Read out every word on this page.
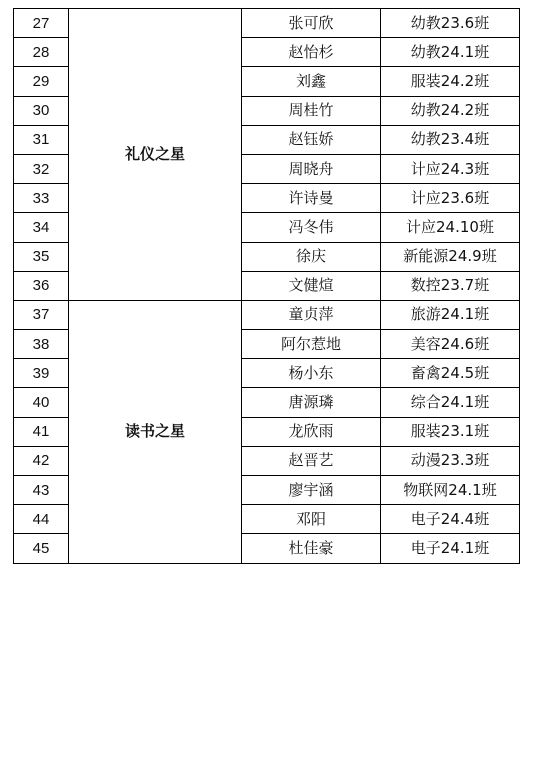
27	礼仪之星	张可欣	幼教23.6班
28		赵怡杉	幼教24.1班
29		刘鑫	服装24.2班
30		周桂竹	幼教24.2班
31		赵钰娇	幼教23.4班
32		周晓舟	计应24.3班
33		许诗曼	计应23.6班
34		冯冬伟	计应24.10班
35		徐庆	新能源24.9班
36		文健煊	数控23.7班
37	读书之星	童贞萍	旅游24.1班
38		阿尔惹地	美容24.6班
39		杨小东	畜禽24.5班
40		唐源璘	综合24.1班
41		龙欣雨	服装23.1班
42		赵晋艺	动漫23.3班
43		廖宇涵	物联网24.1班
44		邓阳	电子24.4班
45		杜佳豪	电子24.1班
